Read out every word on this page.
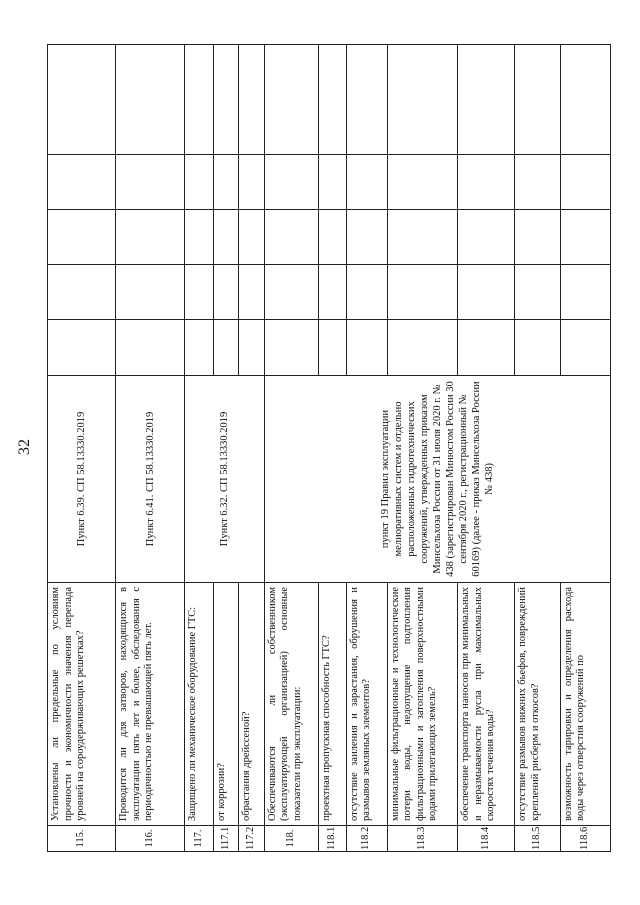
32
115.	Установлены ли предельные по условиям прочности и экономичности значения перепада уровней на сороудерживающих решетках?	Пункт 6.39. СП 58.13330.2019					
116.	Проводится ли для затворов, находящихся в эксплуатации пять лет и более, обследования с периодичностью не превышающей пять лет.	Пункт 6.41. СП 58.13330.2019					
117.	Защищено ли механическое оборудование ГТС:	Пункт 6.32. СП 58.13330.2019					
117.1	от коррозии?						
117.2	обрастания дрейссеной?						
118.	Обеспечиваются ли собственником (эксплуатирующей организацией) основные показатели при эксплуатации:	пункт 19 Правил эксплуатации мелиоративных систем и отдельно расположенных гидротехнических сооружений, утвержденных приказом Минсельхоза России от 31 июля 2020 г. № 438 (зарегистрирован Минюстом России 30 сентября 2020 г., регистрационный № 60169) (далее - приказ Минсельхоза России № 438)					
118.1	проектная пропускная способность ГТС?						
118.2	отсутствие заиления и зарастания, обрушения и размывов земляных элементов?						
118.3	минимальные фильтрационные и технологические потери воды, недопущение подтопления фильтрационными и затопления поверхностными водами прилегающих земель?						
118.4	обеспечение транспорта наносов при минимальных и неразмываемости русла при максимальных скоростях течения воды?						
118.5	отсутствие размывов нижних бьефов, повреждений креплений рисберм и откосов?						
118.6	возможность тарировки и определения расхода воды через отверстия сооружений по						
